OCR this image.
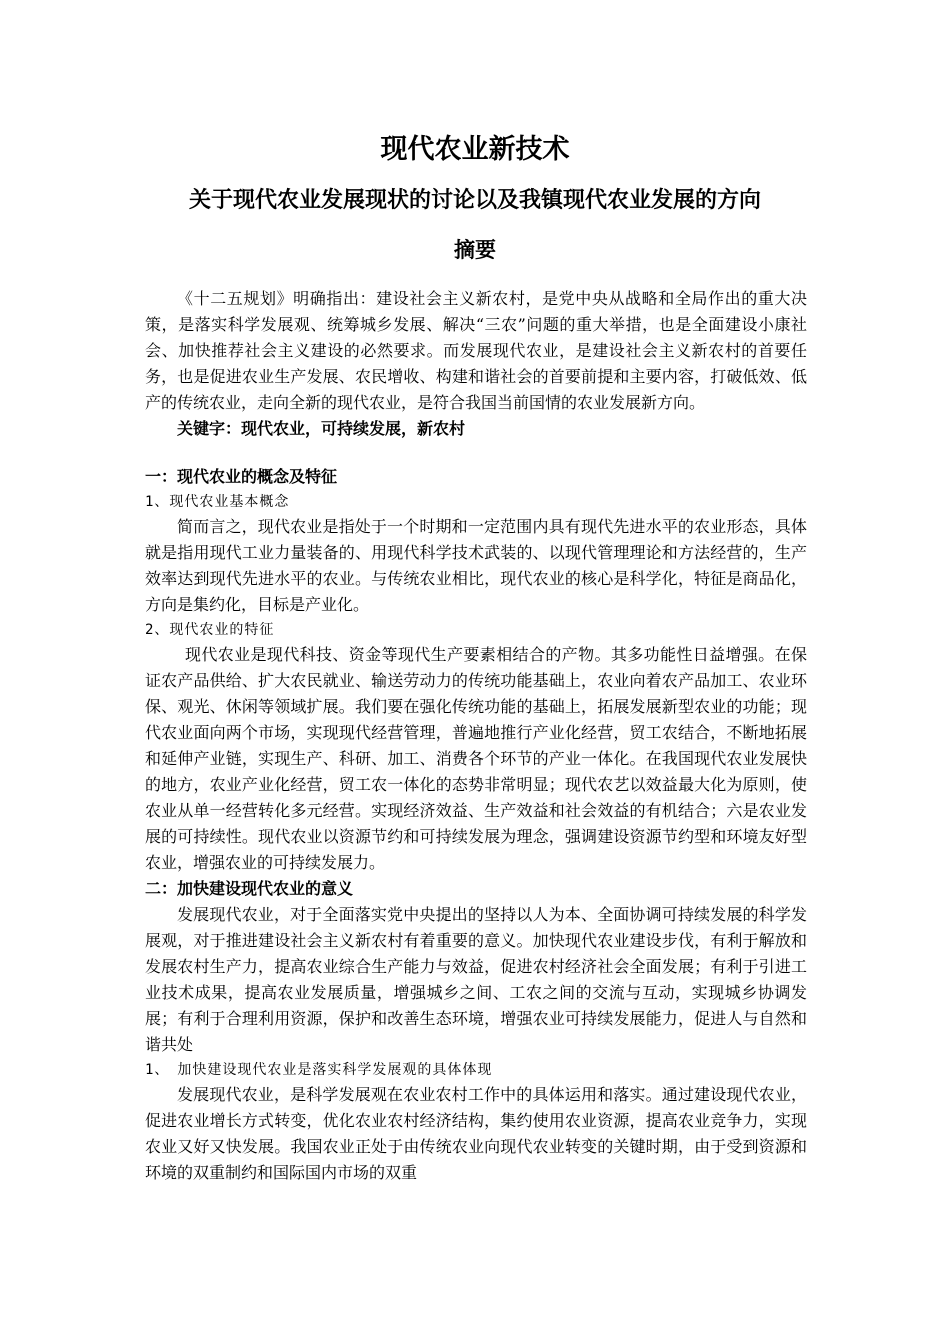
现代农业新技术
关于现代农业发展现状的讨论以及我镇现代农业发展的方向
摘要

《十二五规划》明确指出：建设社会主义新农村，是党中央从战略和全局作出的重大决策，是落实科学发展观、统筹城乡发展、解决“三农”问题的重大举措，也是全面建设小康社会、加快推荐社会主义建设的必然要求。而发展现代农业，是建设社会主义新农村的首要任务，也是促进农业生产发展、农民增收、构建和谐社会的首要前提和主要内容，打破低效、低产的传统农业，走向全新的现代农业，是符合我国当前国情的农业发展新方向。

关键字：现代农业，可持续发展，新农村

一：现代农业的概念及特征

1、现代农业基本概念

简而言之，现代农业是指处于一个时期和一定范围内具有现代先进水平的农业形态，具体就是指用现代工业力量装备的、用现代科学技术武装的、以现代管理理论和方法经营的，生产效率达到现代先进水平的农业。与传统农业相比，现代农业的核心是科学化，特征是商品化，方向是集约化，目标是产业化。

2、现代农业的特征

现代农业是现代科技、资金等现代生产要素相结合的产物。其多功能性日益增强。在保证农产品供给、扩大农民就业、输送劳动力的传统功能基础上，农业向着农产品加工、农业环保、观光、休闲等领域扩展。我们要在强化传统功能的基础上，拓展发展新型农业的功能；现代农业面向两个市场，实现现代经营管理，普遍地推行产业化经营，贸工农结合，不断地拓展和延伸产业链，实现生产、科研、加工、消费各个环节的产业一体化。在我国现代农业发展快的地方，农业产业化经营，贸工农一体化的态势非常明显；现代农艺以效益最大化为原则，使农业从单一经营转化多元经营。实现经济效益、生产效益和社会效益的有机结合；六是农业发展的可持续性。现代农业以资源节约和可持续发展为理念，强调建设资源节约型和环境友好型农业，增强农业的可持续发展力。

二：加快建设现代农业的意义

发展现代农业，对于全面落实党中央提出的坚持以人为本、全面协调可持续发展的科学发展观，对于推进建设社会主义新农村有着重要的意义。加快现代农业建设步伐，有利于解放和发展农村生产力，提高农业综合生产能力与效益，促进农村经济社会全面发展；有利于引进工业技术成果，提高农业发展质量，增强城乡之间、工农之间的交流与互动，实现城乡协调发展；有利于合理利用资源，保护和改善生态环境，增强农业可持续发展能力，促进人与自然和谐共处

1、　加快建设现代农业是落实科学发展观的具体体现

发展现代农业，是科学发展观在农业农村工作中的具体运用和落实。通过建设现代农业，促进农业增长方式转变，优化农业农村经济结构，集约使用农业资源，提高农业竞争力，实现农业又好又快发展。我国农业正处于由传统农业向现代农业转变的关键时期，由于受到资源和环境的双重制约和国际国内市场的双重
